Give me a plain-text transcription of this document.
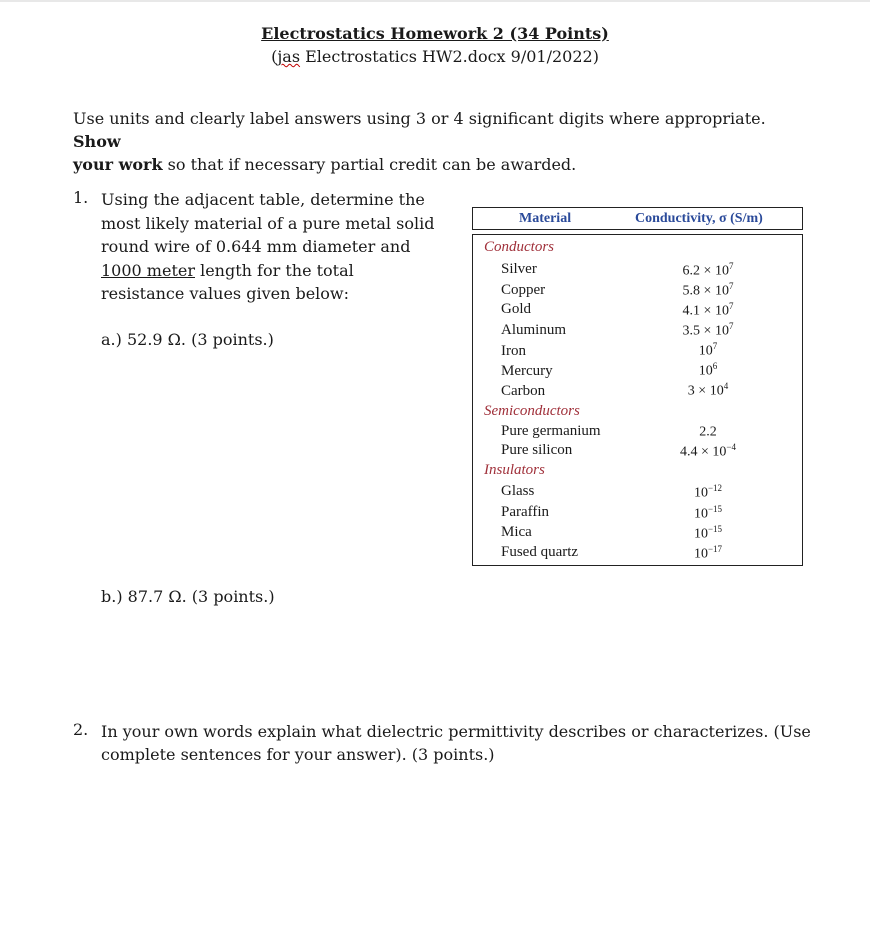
Electrostatics Homework 2 (34 Points)
(jas Electrostatics HW2.docx 9/01/2022)
Use units and clearly label answers using 3 or 4 significant digits where appropriate. Show
your work so that if necessary partial credit can be awarded.
1. Using the adjacent table, determine the most likely material of a pure metal solid round wire of 0.644 mm diameter and 1000 meter length for the total resistance values given below:
a.) 52.9 Ω. (3 points.)
b.) 87.7 Ω. (3 points.)
Material	Conductivity, σ (S/m)
Conductors
Silver
Copper
Gold
Aluminum
Iron
Mercury
Carbon
Semiconductors
Pure germanium
Pure silicon
Insulators
Glass
Paraffin
Mica
Fused quartz
$6.2 \times 10^7$
$5.8 \times 10^7$
$4.1 \times 10^7$
$3.5 \times 10^7$
$10^7$
$10^6$
$3 \times 10^4$
2.2
$4.4 \times 10^{-4}$
$10^{-12}$
$10^{-15}$
$10^{-15}$
$10^{-17}$
2. In your own words explain what dielectric permittivity describes or characterizes. (Use complete sentences for your answer). (3 points.)
